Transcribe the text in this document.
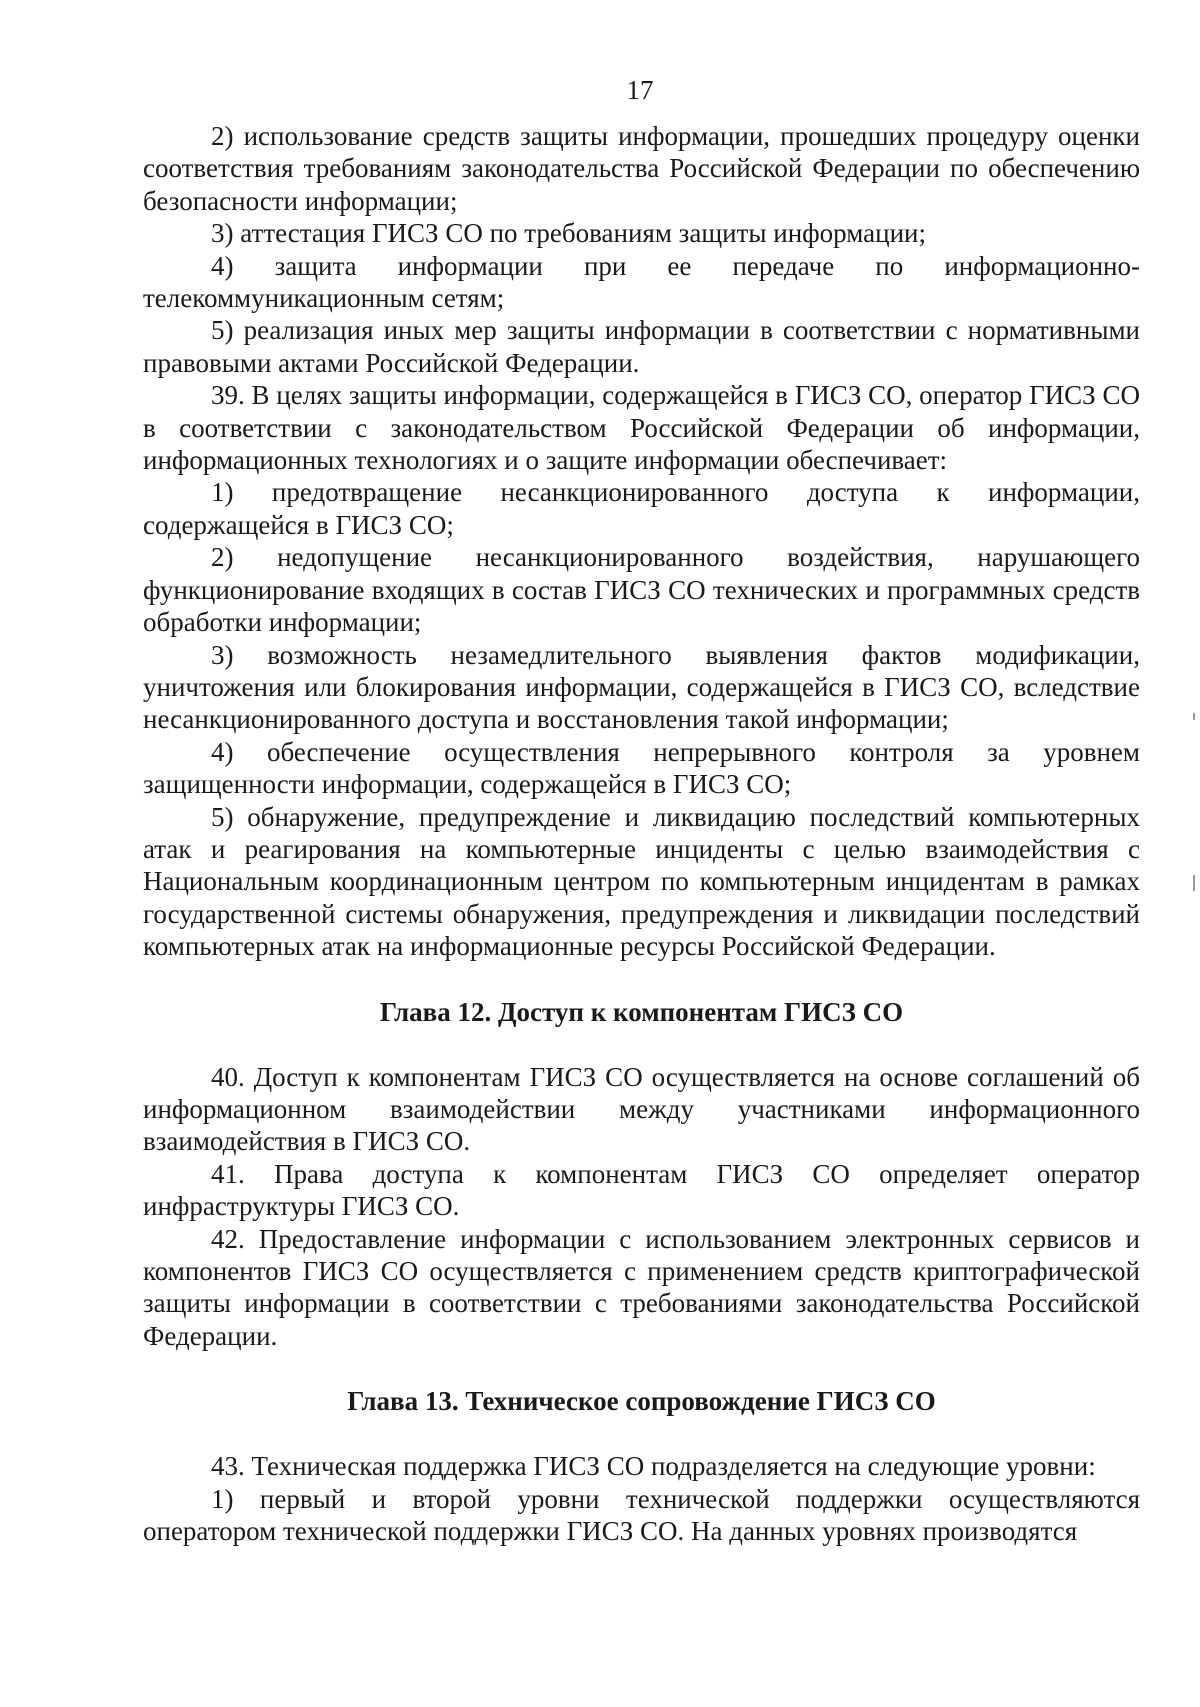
17

2) использование средств защиты информации, прошедших процедуру оценки соответствия требованиям законодательства Российской Федерации по обеспечению безопасности информации;

3) аттестация ГИСЗ СО по требованиям защиты информации;

4) защита информации при ее передаче по информационно-телекоммуникационным сетям;

5) реализация иных мер защиты информации в соответствии с нормативными правовыми актами Российской Федерации.

39. В целях защиты информации, содержащейся в ГИСЗ СО, оператор ГИСЗ СО в соответствии с законодательством Российской Федерации об информации, информационных технологиях и о защите информации обеспечивает:

1) предотвращение несанкционированного доступа к информации, содержащейся в ГИСЗ СО;

2) недопущение несанкционированного воздействия, нарушающего функционирование входящих в состав ГИСЗ СО технических и программных средств обработки информации;

3) возможность незамедлительного выявления фактов модификации, уничтожения или блокирования информации, содержащейся в ГИСЗ СО, вследствие несанкционированного доступа и восстановления такой информации;

4) обеспечение осуществления непрерывного контроля за уровнем защищенности информации, содержащейся в ГИСЗ СО;

5) обнаружение, предупреждение и ликвидацию последствий компьютерных атак и реагирования на компьютерные инциденты с целью взаимодействия с Национальным координационным центром по компьютерным инцидентам в рамках государственной системы обнаружения, предупреждения и ликвидации последствий компьютерных атак на информационные ресурсы Российской Федерации.

Глава 12. Доступ к компонентам ГИСЗ СО

40. Доступ к компонентам ГИСЗ СО осуществляется на основе соглашений об информационном взаимодействии между участниками информационного взаимодействия в ГИСЗ СО.

41. Права доступа к компонентам ГИСЗ СО определяет оператор инфраструктуры ГИСЗ СО.

42. Предоставление информации с использованием электронных сервисов и компонентов ГИСЗ СО осуществляется с применением средств криптографической защиты информации в соответствии с требованиями законодательства Российской Федерации.

Глава 13. Техническое сопровождение ГИСЗ СО

43. Техническая поддержка ГИСЗ СО подразделяется на следующие уровни:

1) первый и второй уровни технической поддержки осуществляются оператором технической поддержки ГИСЗ СО. На данных уровнях производятся
